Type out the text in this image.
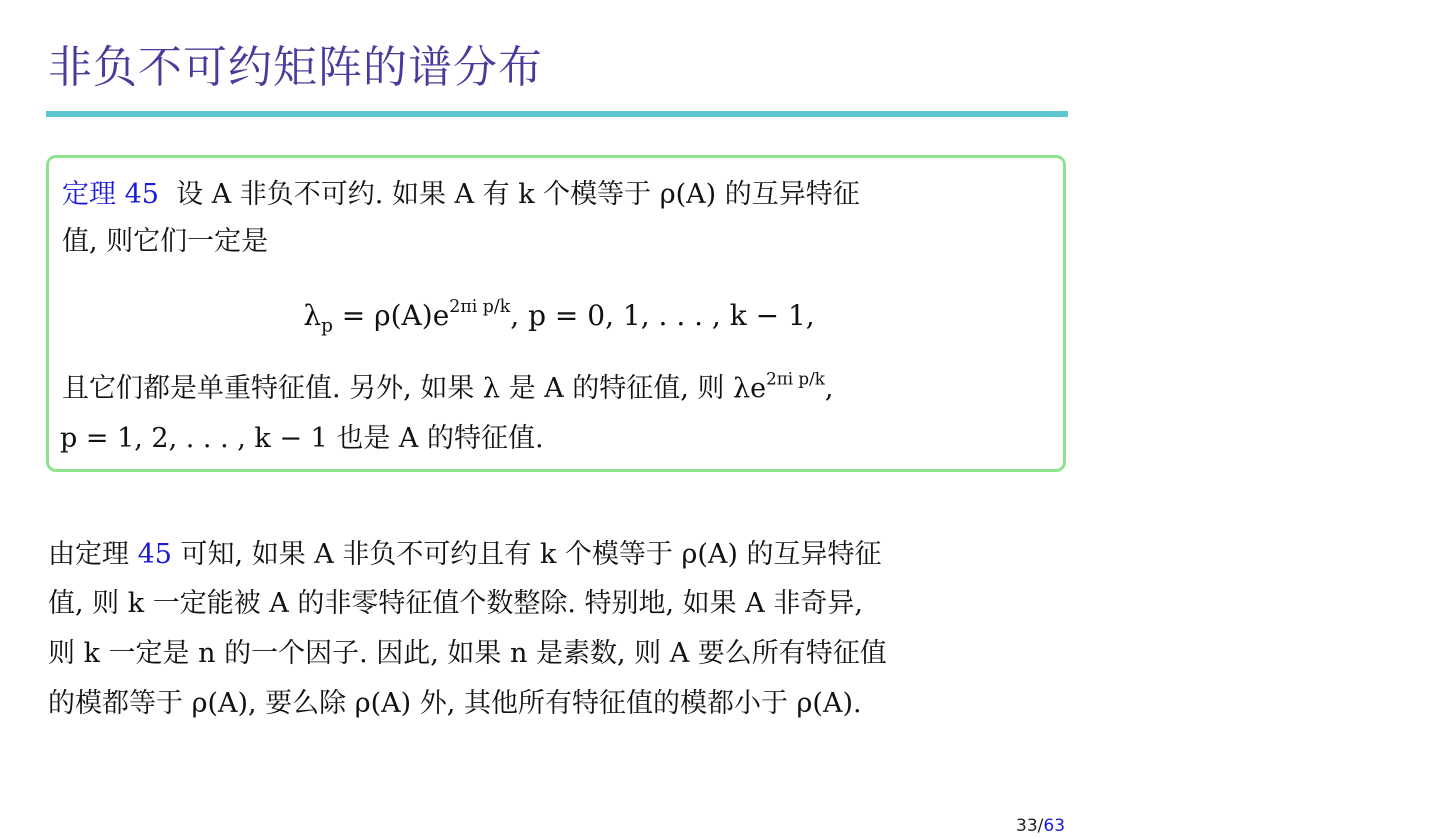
非负不可约矩阵的谱分布
定理 45 设 A 非负不可约. 如果 A 有 k 个模等于 ρ(A) 的互异特征
值, 则它们一定是
$\lambda_p = \rho(A)e^{2\pi i p/k}$, p = 0, 1, . . . , k − 1,
且它们都是单重特征值. 另外, 如果 λ 是 A 的特征值, 则 $\lambda e^{2\pi i p/k}$,
p = 1, 2, . . . , k − 1 也是 A 的特征值.
由定理 45 可知, 如果 A 非负不可约且有 k 个模等于 ρ(A) 的互异特征
值, 则 k 一定能被 A 的非零特征值个数整除. 特别地, 如果 A 非奇异,
则 k 一定是 n 的一个因子. 因此, 如果 n 是素数, 则 A 要么所有特征值
的模都等于 ρ(A), 要么除 ρ(A) 外, 其他所有特征值的模都小于 ρ(A).
33/63
